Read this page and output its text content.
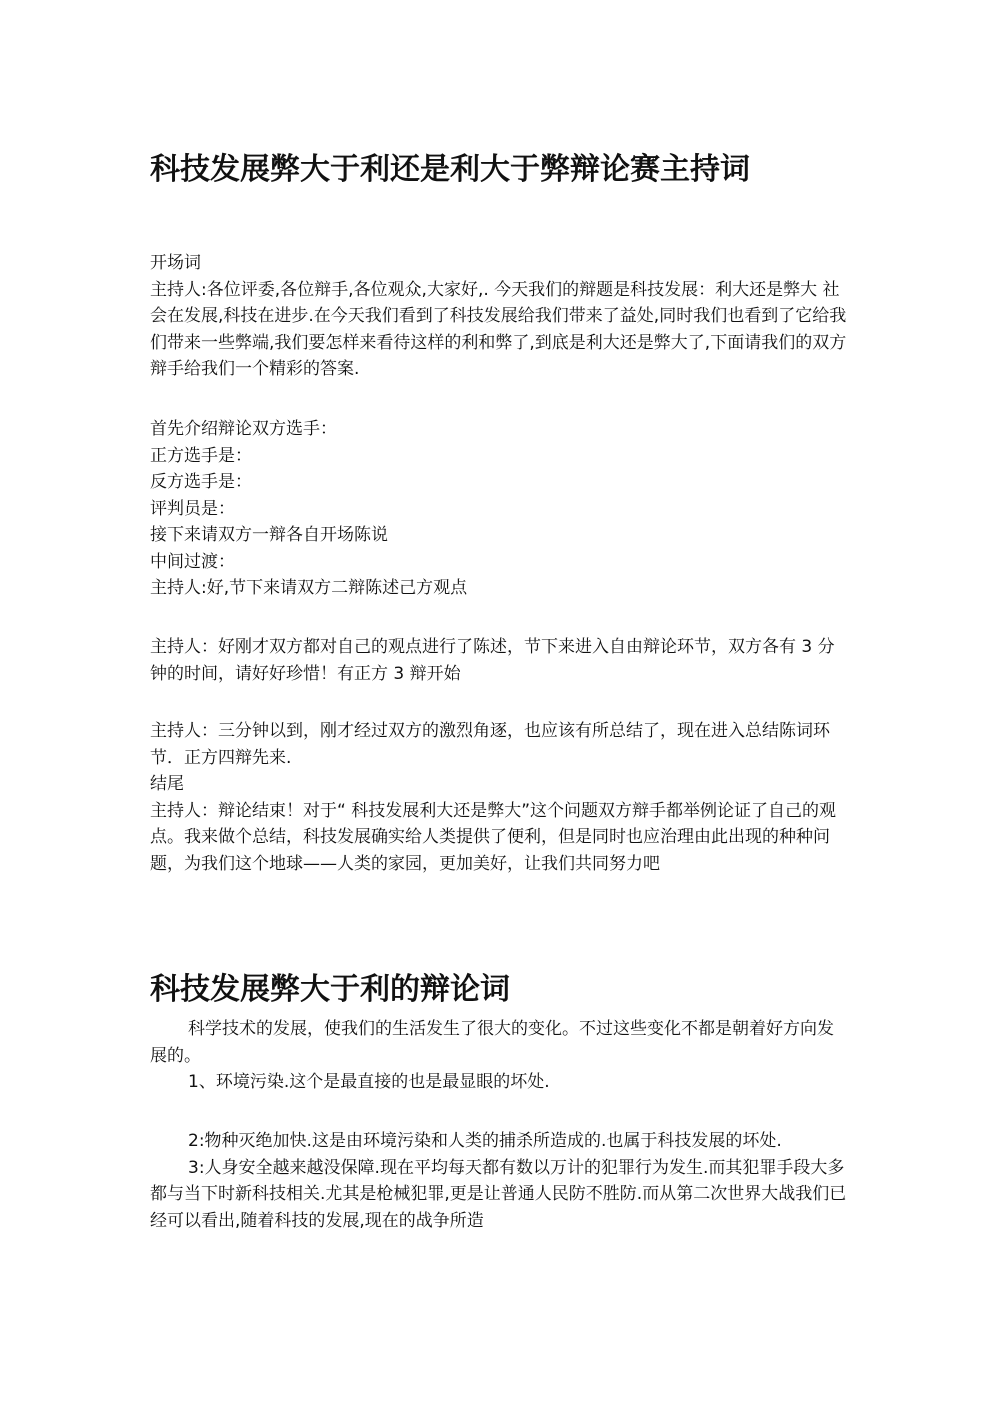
科技发展弊大于利还是利大于弊辩论赛主持词

开场词

主持人:各位评委,各位辩手,各位观众,大家好,. 今天我们的辩题是科技发展：利大还是弊大 社会在发展,科技在进步.在今天我们看到了科技发展给我们带来了益处,同时我们也看到了它给我们带来一些弊端,我们要怎样来看待这样的利和弊了,到底是利大还是弊大了,下面请我们的双方辩手给我们一个精彩的答案.

首先介绍辩论双方选手：

正方选手是：

反方选手是：

评判员是：

接下来请双方一辩各自开场陈说

中间过渡：

主持人:好,节下来请双方二辩陈述己方观点

主持人：好刚才双方都对自己的观点进行了陈述，节下来进入自由辩论环节，双方各有 3 分钟的时间，请好好珍惜！有正方 3 辩开始

主持人：三分钟以到，刚才经过双方的激烈角逐，也应该有所总结了，现在进入总结陈词环节．正方四辩先来.

结尾

主持人：辩论结束！对于“ 科技发展利大还是弊大”这个问题双方辩手都举例论证了自己的观点。我来做个总结，科技发展确实给人类提供了便利，但是同时也应治理由此出现的种种问题，为我们这个地球——人类的家园，更加美好，让我们共同努力吧

科技发展弊大于利的辩论词

科学技术的发展，使我们的生活发生了很大的变化。不过这些变化不都是朝着好方向发展的。

1、环境污染.这个是最直接的也是最显眼的坏处.

2:物种灭绝加快.这是由环境污染和人类的捕杀所造成的.也属于科技发展的坏处.

3:人身安全越来越没保障.现在平均每天都有数以万计的犯罪行为发生.而其犯罪手段大多都与当下时新科技相关.尤其是枪械犯罪,更是让普通人民防不胜防.而从第二次世界大战我们已经可以看出,随着科技的发展,现在的战争所造
